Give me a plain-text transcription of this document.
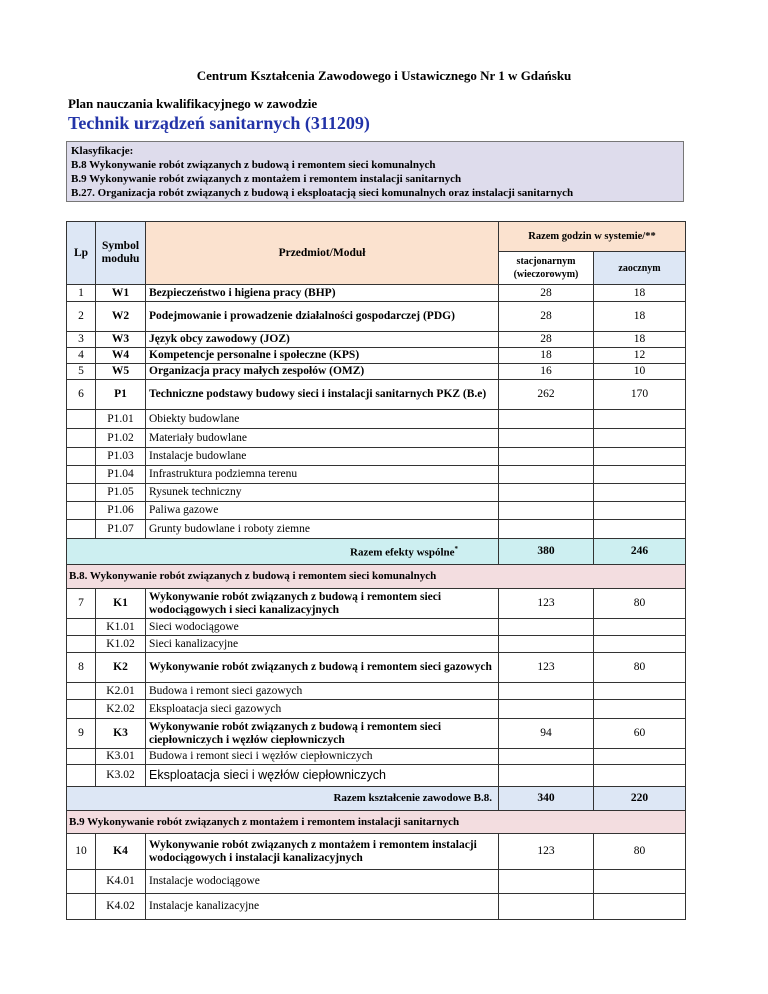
Centrum Kształcenia Zawodowego i Ustawicznego Nr 1 w Gdańsku
Plan nauczania kwalifikacyjnego w zawodzie
Technik urządzeń sanitarnych (311209)
Klasyfikacje:
B.8 Wykonywanie robót związanych z budową i remontem sieci komunalnych
B.9 Wykonywanie robót związanych z montażem i remontem instalacji sanitarnych
B.27. Organizacja robót związanych z budową i eksploatacją sieci komunalnych oraz instalacji sanitarnych
Lp	Symbol modułu	Przedmiot/Moduł	Razem godzin w systemie/**	
			stacjonarnym (wieczorowym)	zaocznym
1	W1	Bezpieczeństwo i higiena pracy (BHP)	28	18
2	W2	Podejmowanie i prowadzenie działalności gospodarczej (PDG)	28	18
3	W3	Język obcy zawodowy (JOZ)	28	18
4	W4	Kompetencje personalne i społeczne (KPS)	18	12
5	W5	Organizacja pracy małych zespołów (OMZ)	16	10
6	P1	Techniczne podstawy budowy sieci i instalacji sanitarnych PKZ (B.e)	262	170
	P1.01	Obiekty budowlane		
	P1.02	Materiały budowlane		
	P1.03	Instalacje budowlane		
	P1.04	Infrastruktura podziemna terenu		
	P1.05	Rysunek techniczny		
	P1.06	Paliwa gazowe		
	P1.07	Grunty budowlane i roboty ziemne		
Razem efekty wspólne*			380	246
B.8. Wykonywanie robót związanych z budową i remontem sieci komunalnych				
7	K1	Wykonywanie robót związanych z budową i remontem sieci wodociągowych i sieci kanalizacyjnych	123	80
	K1.01	Sieci wodociągowe		
	K1.02	Sieci kanalizacyjne		
8	K2	Wykonywanie robót związanych z budową i remontem sieci gazowych	123	80
	K2.01	Budowa i remont sieci gazowych		
	K2.02	Eksploatacja sieci gazowych		
9	K3	Wykonywanie robót związanych z budową i remontem sieci ciepłowniczych i węzłów ciepłowniczych	94	60
	K3.01	Budowa i remont sieci i węzłów ciepłowniczych		
	K3.02	Eksploatacja sieci i węzłów ciepłowniczych		
Razem kształcenie zawodowe B.8.			340	220
B.9 Wykonywanie robót związanych z montażem i remontem instalacji sanitarnych				
10	K4	Wykonywanie robót związanych z montażem i remontem instalacji wodociągowych i instalacji kanalizacyjnych	123	80
	K4.01	Instalacje wodociągowe		
	K4.02	Instalacje kanalizacyjne		
